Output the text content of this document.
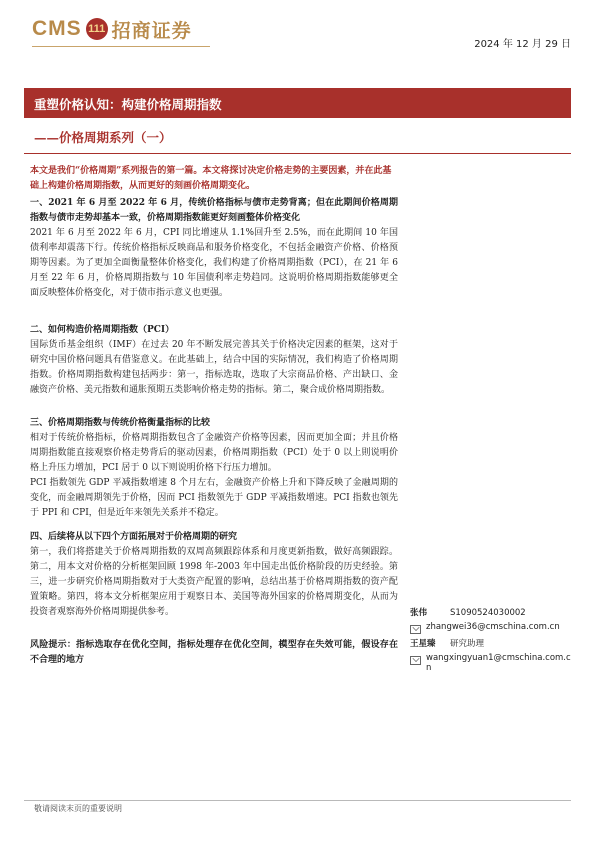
CMS 111 招商证券
2024 年 12 月 29 日
重塑价格认知：构建价格周期指数
——价格周期系列（一）
本文是我们“价格周期”系列报告的第一篇。本文将探讨决定价格走势的主要因素，并在此基础上构建价格周期指数，从而更好的刻画价格周期变化。
一、2021 年 6 月至 2022 年 6 月，传统价格指标与债市走势背离；但在此期间价格周期指数与债市走势却基本一致，价格周期指数能更好刻画整体价格变化
2021 年 6 月至 2022 年 6 月，CPI 同比增速从 1.1%回升至 2.5%，而在此期间 10 年国债利率却震荡下行。传统价格指标反映商品和服务价格变化，不包括金融资产价格、价格预期等因素。为了更加全面衡量整体价格变化，我们构建了价格周期指数（PCI），在 21 年 6 月至 22 年 6 月，价格周期指数与 10 年国债利率走势趋同。这说明价格周期指数能够更全面反映整体价格变化，对于债市指示意义也更强。
二、如何构造价格周期指数（PCI）
国际货币基金组织（IMF）在过去 20 年不断发展完善其关于价格决定因素的框架，这对于研究中国价格问题具有借鉴意义。在此基础上，结合中国的实际情况，我们构造了价格周期指数。价格周期指数构建包括两步：第一，指标选取，选取了大宗商品价格、产出缺口、金融资产价格、美元指数和通胀预期五类影响价格走势的指标。第二，聚合成价格周期指数。
三、价格周期指数与传统价格衡量指标的比较
相对于传统价格指标，价格周期指数包含了金融资产价格等因素，因而更加全面；并且价格周期指数能直接观察价格走势背后的驱动因素，价格周期指数（PCI）处于 0 以上則说明价格上升压力增加，PCI 居于 0 以下则说明价格下行压力增加。
PCI 指数领先 GDP 平减指数增速 8 个月左右，金融资产价格上升和下降反映了金融周期的变化，而金融周期领先于价格，因而 PCI 指数领先于 GDP 平减指数增速。PCI 指数也领先于 PPI 和 CPI，但是近年来领先关系并不稳定。
四、后续将从以下四个方面拓展对于价格周期的研究
第一，我们将搭建关于价格周期指数的双周高频跟踪体系和月度更新指数，做好高频跟踪。第二，用本文对价格的分析框架回顾 1998 年-2003 年中国走出低价格阶段的历史经验。第三，进一步研究价格周期指数对于大类资产配置的影响，总结出基于价格周期指数的资产配置策略。第四，将本文分析框架应用于观察日本、美国等海外国家的价格周期变化，从而为投资者观察海外价格周期提供参考。
风险提示：指标选取存在优化空间，指标处理存在优化空间，模型存在失效可能，假设存在不合理的地方
张伟	S1090524030002
zhangwei36@cmschina.com.cn
王星臻 研究助理
wangxingyuan1@cmschina.com.c
n
敬请阅读末页的重要说明
